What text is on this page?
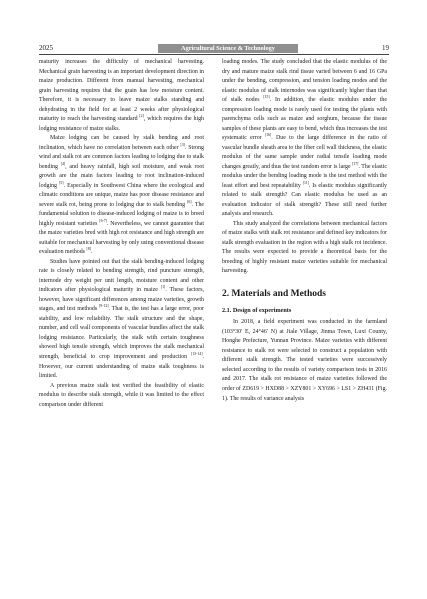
2025	Agricultural Science & Technology	19

maturity increases the difficulty of mechanical harvesting. Mechanical grain harvesting is an important development direction in maize production. Different from manual harvesting, mechanical grain harvesting requires that the grain has low moisture content. Therefore, it is necessary to leave maize stalks standing and dehydrating in the field for at least 2 weeks after physiological maturity to reach the harvesting standard [2], which requires the high lodging resistance of maize stalks.

Maize lodging can be caused by stalk bending and root inclination, which have no correlation between each other [3]. Strong wind and stalk rot are common factors leading to lodging due to stalk bending [4], and heavy rainfall, high soil moisture, and weak root growth are the main factors leading to root inclination-induced lodging [5]. Especially in Southwest China where the ecological and climatic conditions are unique, maize has poor disease resistance and severe stalk rot, being prone to lodging due to stalk bending [6]. The fundamental solution to disease-induced lodging of maize is to breed highly resistant varieties [6-7]. Nevertheless, we cannot guarantee that the maize varieties bred with high rot resistance and high strength are suitable for mechanical harvesting by only using conventional disease evaluation methods [8].

Studies have pointed out that the stalk bending-induced lodging rate is closely related to bending strength, rind puncture strength, internode dry weight per unit length, moisture content and other indicators after physiological maturity in maize [1]. These factors, however, have significant differences among maize varieties, growth stages, and test methods [9-12]. That is, the test has a large error, poor stability, and low reliability. The stalk structure and the shape, number, and cell wall components of vascular bundles affect the stalk lodging resistance. Particularly, the stalk with certain toughness showed high tensile strength, which improves the stalk mechanical strength, beneficial to crop improvement and production [13-14]. However, our current understanding of maize stalk toughness is limited.

A previous maize stalk test verified the feasibility of elastic modulus to describe stalk strength, while it was limited to the effect comparison under different

loading modes. The study concluded that the elastic modulus of the dry and mature maize stalk rind tissue varied between 6 and 16 GPa under the bending, compression, and tension loading modes and the elastic modulus of stalk internodes was significantly higher than that of stalk nodes [15]. In addition, the elastic modulus under the compression loading mode is rarely used for testing the plants with parenchyma cells such as maize and sorghum, because the tissue samples of these plants are easy to bend, which thus increases the test systematic error [16]. Due to the large difference in the ratio of vascular bundle sheath area to the fiber cell wall thickness, the elastic modulus of the same sample under radial tensile loading mode changes greatly, and thus the test random error is large [17]. The elastic modulus under the bending loading mode is the test method with the least effort and best repeatability [11]. Is elastic modulus significantly related to stalk strength? Can elastic modulus be used as an evaluation indicator of stalk strength? These still need further analysis and research.

This study analyzed the correlations between mechanical factors of maize stalks with stalk rot resistance and defined key indicators for stalk strength evaluation in the region with a high stalk rot incidence. The results were expected to provide a theoretical basis for the breeding of highly resistant maize varieties suitable for mechanical harvesting.

2. Materials and Methods
2.1. Design of experiments

In 2018, a field experiment was conducted in the farmland (103°30′ E, 24°46′ N) at Jiale Village, Jinma Town, Luxi County, Honghe Prefecture, Yunnan Province. Maize varieties with different resistance to stalk rot were selected to construct a population with different stalk strength. The tested varieties were successively selected according to the results of variety comparison tests in 2016 and 2017. The stalk rot resistance of maize varieties followed the order of ZD619 > HXD88 > XZY801 > XY696 > LS1 > ZH431 (Fig. 1). The results of variance analysis
